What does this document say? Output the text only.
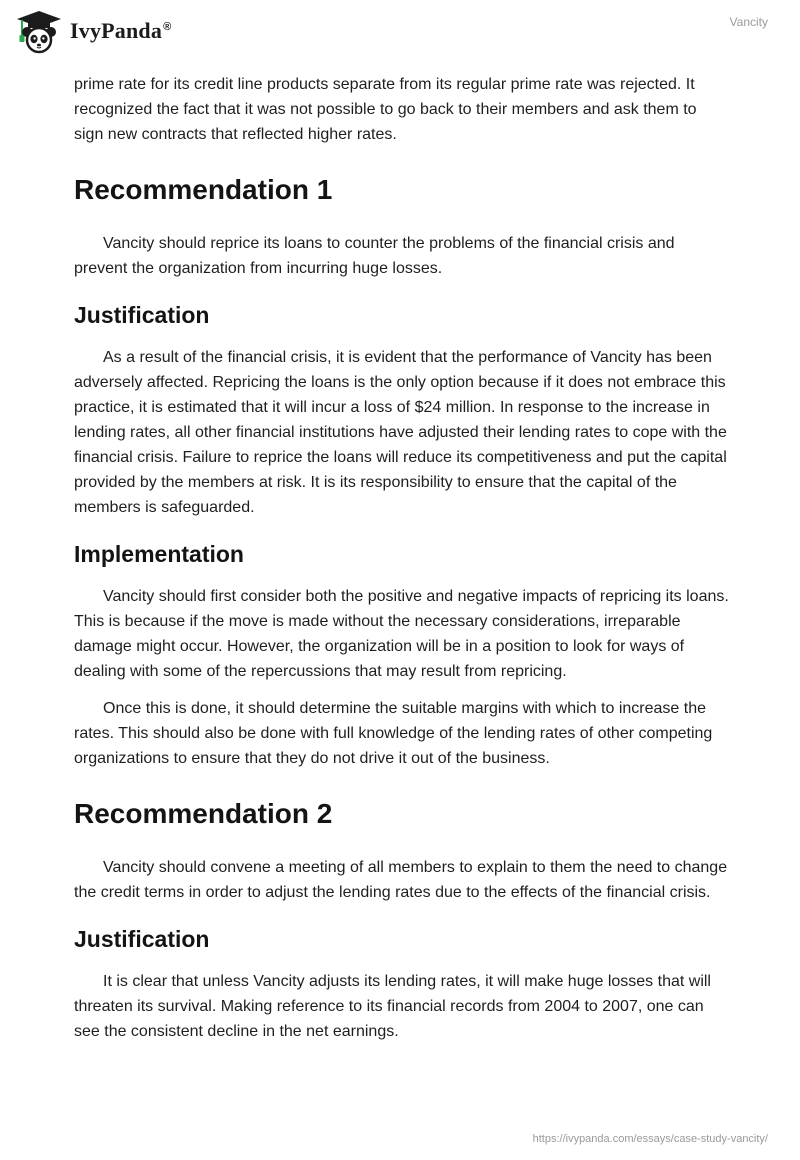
IvyPanda®	Vancity

prime rate for its credit line products separate from its regular prime rate was rejected. It recognized the fact that it was not possible to go back to their members and ask them to sign new contracts that reflected higher rates.

Recommendation 1

Vancity should reprice its loans to counter the problems of the financial crisis and prevent the organization from incurring huge losses.

Justification

As a result of the financial crisis, it is evident that the performance of Vancity has been adversely affected. Repricing the loans is the only option because if it does not embrace this practice, it is estimated that it will incur a loss of $24 million. In response to the increase in lending rates, all other financial institutions have adjusted their lending rates to cope with the financial crisis. Failure to reprice the loans will reduce its competitiveness and put the capital provided by the members at risk. It is its responsibility to ensure that the capital of the members is safeguarded.

Implementation

Vancity should first consider both the positive and negative impacts of repricing its loans. This is because if the move is made without the necessary considerations, irreparable damage might occur. However, the organization will be in a position to look for ways of dealing with some of the repercussions that may result from repricing.

Once this is done, it should determine the suitable margins with which to increase the rates. This should also be done with full knowledge of the lending rates of other competing organizations to ensure that they do not drive it out of the business.

Recommendation 2

Vancity should convene a meeting of all members to explain to them the need to change the credit terms in order to adjust the lending rates due to the effects of the financial crisis.

Justification

It is clear that unless Vancity adjusts its lending rates, it will make huge losses that will threaten its survival. Making reference to its financial records from 2004 to 2007, one can see the consistent decline in the net earnings.

https://ivypanda.com/essays/case-study-vancity/
